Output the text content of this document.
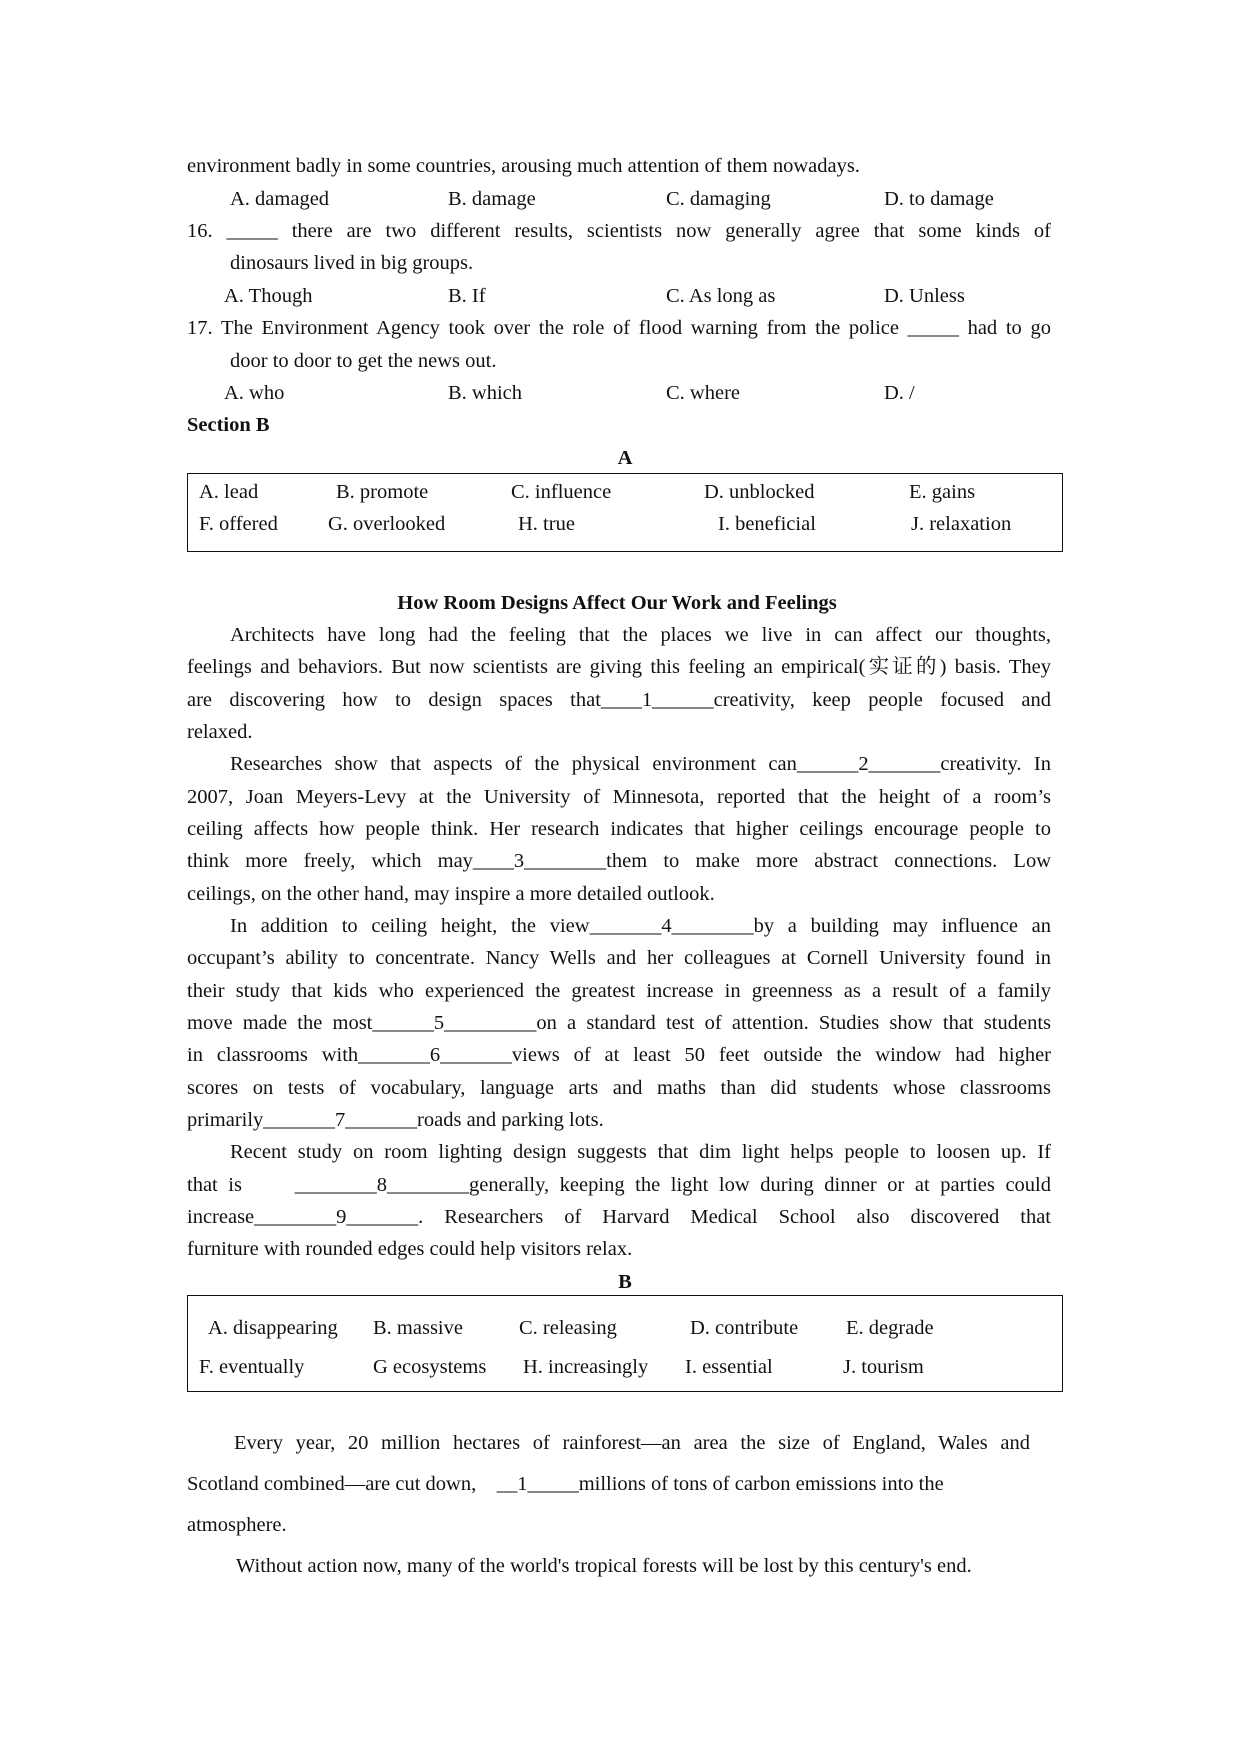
environment badly in some countries, arousing much attention of them nowadays.
A. damaged	B. damage	C. damaging	D. to damage
16. _____ there are two different results, scientists now generally agree that some kinds of
dinosaurs lived in big groups.
A. Though	B. If	C. As long as	D. Unless
17. The Environment Agency took over the role of flood warning from the police _____ had to go
door to door to get the news out.
A. who	B. which	C. where	D. /
Section B
A
A. lead	B. promote	C. influence	D. unblocked	E. gains
F. offered G. overlooked	H. true	I. beneficial	J. relaxation
How Room Designs Affect Our Work and Feelings
Architects have long had the feeling that the places we live in can affect our thoughts,
feelings and behaviors. But now scientists are giving this feeling an empirical(实证的) basis. They
are discovering how to design spaces that____1______creativity, keep people focused and
relaxed.
Researches show that aspects of the physical environment can______2_______creativity. In
2007, Joan Meyers-Levy at the University of Minnesota, reported that the height of a room’s
ceiling affects how people think. Her research indicates that higher ceilings encourage people to
think more freely, which may____3________them to make more abstract connections. Low
ceilings, on the other hand, may inspire a more detailed outlook.
In addition to ceiling height, the view_______4________by a building may influence an
occupant’s ability to concentrate. Nancy Wells and her colleagues at Cornell University found in
their study that kids who experienced the greatest increase in greenness as a result of a family
move made the most______5_________on a standard test of attention. Studies show that students
in classrooms with_______6_______views of at least 50 feet outside the window had higher
scores on tests of vocabulary, language arts and maths than did students whose classrooms
primarily_______7_______roads and parking lots.
Recent study on room lighting design suggests that dim light helps people to loosen up. If
that is     ________8________generally, keeping the light low during dinner or at parties could
increase________9_______. Researchers of Harvard Medical School also discovered that
furniture with rounded edges could help visitors relax.
B
A. disappearing B. massive	C. releasing	D. contribute E. degrade
F. eventually	G ecosystems H. increasingly I. essential	J. tourism
Every year, 20 million hectares of rainforest—an area the size of England, Wales and
Scotland combined—are cut down,    __1_____millions of tons of carbon emissions into the
atmosphere.
Without action now, many of the world's tropical forests will be lost by this century's end.
